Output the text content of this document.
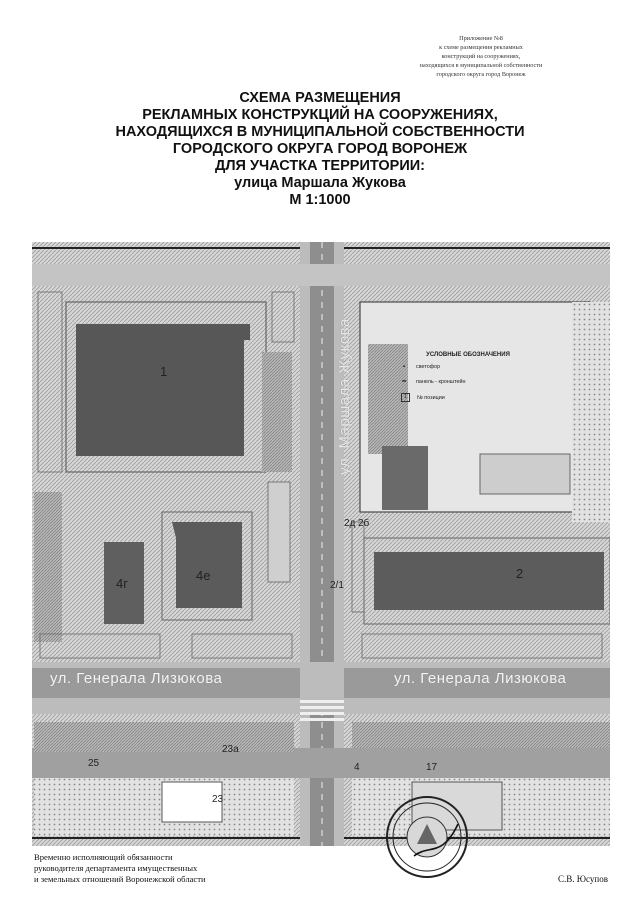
Приложение №8
к схеме размещения рекламных
конструкций на сооружениях,
находящихся в муниципальной собственности
городского округа город Воронеж
СХЕМА РАЗМЕЩЕНИЯ
РЕКЛАМНЫХ КОНСТРУКЦИЙ НА СООРУЖЕНИЯХ,
НАХОДЯЩИХСЯ В МУНИЦИПАЛЬНОЙ СОБСТВЕННОСТИ
ГОРОДСКОГО ОКРУГА ГОРОД ВОРОНЕЖ
ДЛЯ УЧАСТКА ТЕРРИТОРИИ:
улица Маршала Жукова
М 1:1000
ул. Маршала Жукова
ул. Генерала Лизюкова	ул. Генерала Лизюкова
1
4г
4е	2
2/1
2д 2б
25
23а
23
17
4
УСЛОВНЫЕ ОБОЗНАЧЕНИЯ
▪	светофор
━	панель - кронштейн
1	№ позиции
Временно исполняющий обязанности
руководителя департамента имущественных
и земельных отношений Воронежской области	С.В. Юсупов
